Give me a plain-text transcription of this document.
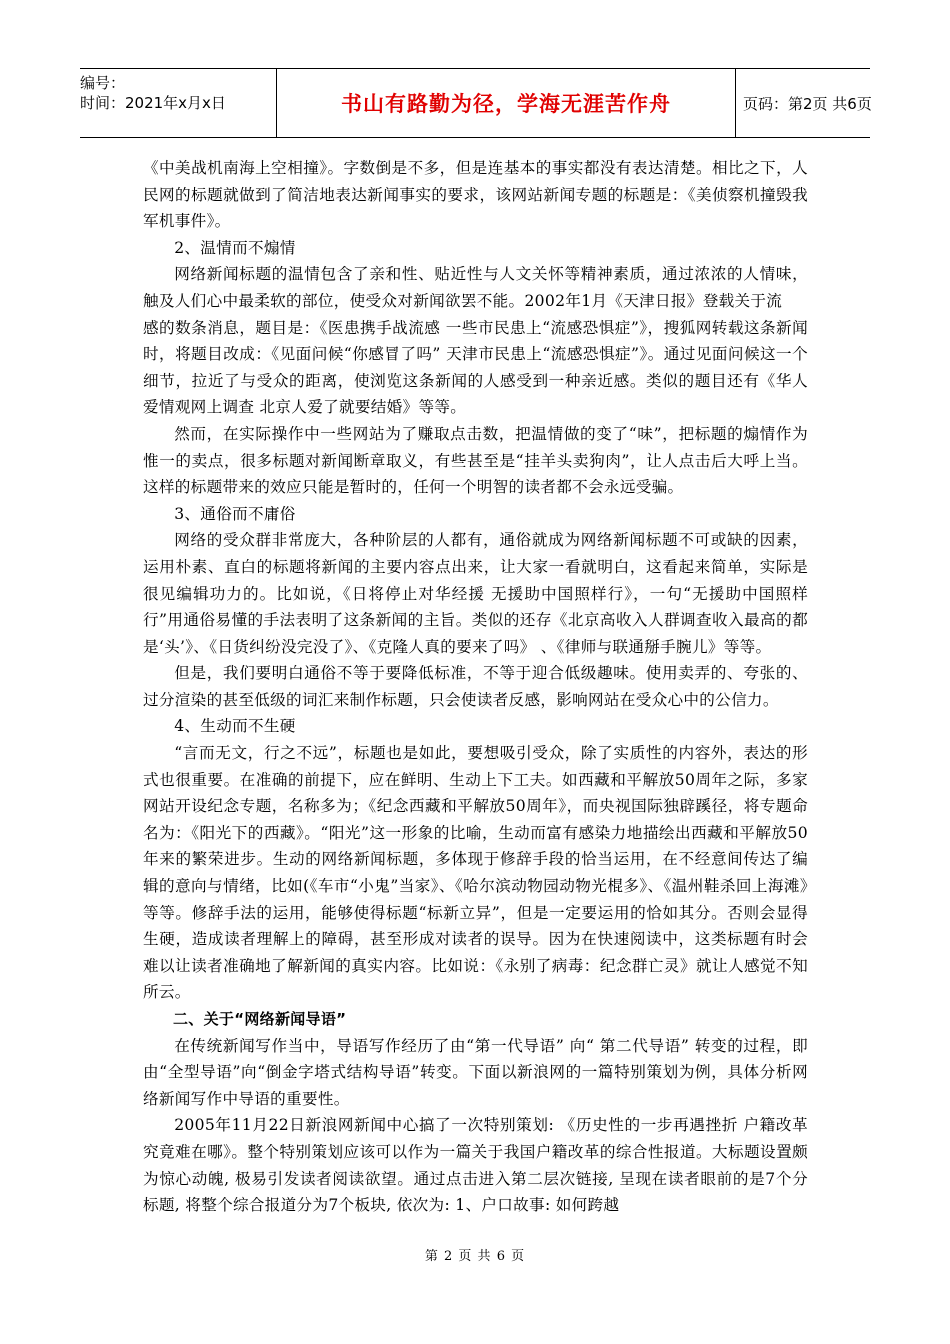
编号：
时间：2021年x月x日	书山有路勤为径，学海无涯苦作舟	页码：第2页 共6页

《中美战机南海上空相撞》。字数倒是不多，但是连基本的事实都没有表达清楚。相比之下，人民网的标题就做到了简洁地表达新闻事实的要求，该网站新闻专题的标题是：《美侦察机撞毁我军机事件》。

2、温情而不煽情

网络新闻标题的温情包含了亲和性、贴近性与人文关怀等精神素质，通过浓浓的人情味，触及人们心中最柔软的部位，使受众对新闻欲罢不能。2002年1月《天津日报》登载关于流

感的数条消息，题目是：《医患携手战流感 一些市民患上“流感恐惧症”》，搜狐网转载这条新闻时，将题目改成：《见面问候“你感冒了吗” 天津市民患上“流感恐惧症”》。通过见面问候这一个细节，拉近了与受众的距离，使浏览这条新闻的人感受到一种亲近感。类似的题目还有《华人爱情观网上调查 北京人爱了就要结婚》等等。

然而，在实际操作中一些网站为了赚取点击数，把温情做的变了“味”，把标题的煽情作为惟一的卖点，很多标题对新闻断章取义，有些甚至是“挂羊头卖狗肉”，让人点击后大呼上当。这样的标题带来的效应只能是暂时的，任何一个明智的读者都不会永远受骗。

3、通俗而不庸俗

网络的受众群非常庞大，各种阶层的人都有，通俗就成为网络新闻标题不可或缺的因素，运用朴素、直白的标题将新闻的主要内容点出来，让大家一看就明白，这看起来简单，实际是很见编辑功力的。比如说，《日将停止对华经援 无援助中国照样行》，一句“无援助中国照样行”用通俗易懂的手法表明了这条新闻的主旨。类似的还存《北京高收入人群调查收入最高的都是‘头’》、《日货纠纷没完没了》、《克隆人真的要来了吗》 、《律师与联通掰手腕儿》等等。

但是，我们要明白通俗不等于要降低标准，不等于迎合低级趣味。使用卖弄的、夸张的、过分渲染的甚至低级的词汇来制作标题，只会使读者反感，影响网站在受众心中的公信力。

4、生动而不生硬

“言而无文，行之不远”，标题也是如此，要想吸引受众，除了实质性的内容外，表达的形式也很重要。在准确的前提下，应在鲜明、生动上下工夫。如西藏和平解放50周年之际，多家网站开设纪念专题，名称多为；《纪念西藏和平解放50周年》，而央视国际独辟蹊径，将专题命名为：《阳光下的西藏》。“阳光”这一形象的比喻，生动而富有感染力地描绘出西藏和平解放50年来的繁荣进步。生动的网络新闻标题，多体现于修辞手段的恰当运用，在不经意间传达了编辑的意向与情绪，比如(《车市“小鬼”当家》、《哈尔滨动物园动物光棍多》、《温州鞋杀回上海滩》等等。修辞手法的运用，能够使得标题“标新立异”，但是一定要运用的恰如其分。否则会显得生硬，造成读者理解上的障碍，甚至形成对读者的误导。因为在快速阅读中，这类标题有时会难以让读者准确地了解新闻的真实内容。比如说：《永别了病毒：纪念群亡灵》就让人感觉不知所云。

二、关于“网络新闻导语”

在传统新闻写作当中，导语写作经历了由“第一代导语” 向“ 第二代导语” 转变的过程，即由“全型导语”向“倒金字塔式结构导语”转变。下面以新浪网的一篇特别策划为例，具体分析网络新闻写作中导语的重要性。

2005年11月22日新浪网新闻中心搞了一次特别策划: 《历史性的一步再遇挫折 户籍改革究竟难在哪》。整个特别策划应该可以作为一篇关于我国户籍改革的综合性报道。大标题设置颇为惊心动魄, 极易引发读者阅读欲望。通过点击进入第二层次链接, 呈现在读者眼前的是7个分标题, 将整个综合报道分为7个板块, 依次为: 1、户口故事: 如何跨越

第 2 页 共 6 页
